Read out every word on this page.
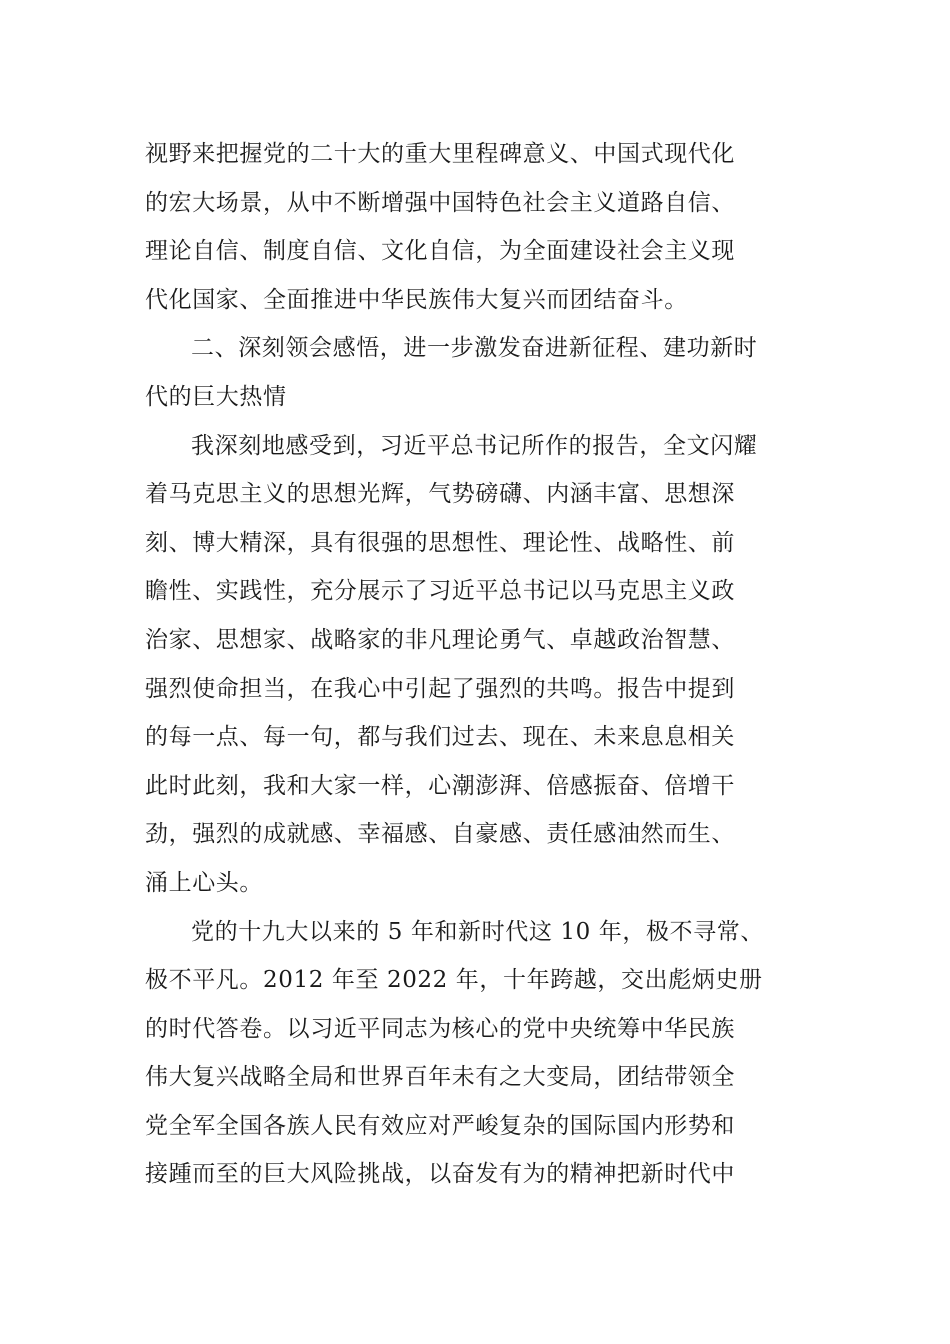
视野来把握党的二十大的重大里程碑意义、中国式现代化
的宏大场景，从中不断增强中国特色社会主义道路自信、
理论自信、制度自信、文化自信，为全面建设社会主义现
代化国家、全面推进中华民族伟大复兴而团结奋斗。
二、深刻领会感悟，进一步激发奋进新征程、建功新时
代的巨大热情
我深刻地感受到，习近平总书记所作的报告，全文闪耀
着马克思主义的思想光辉，气势磅礴、内涵丰富、思想深
刻、博大精深，具有很强的思想性、理论性、战略性、前
瞻性、实践性，充分展示了习近平总书记以马克思主义政
治家、思想家、战略家的非凡理论勇气、卓越政治智慧、
强烈使命担当，在我心中引起了强烈的共鸣。报告中提到
的每一点、每一句，都与我们过去、现在、未来息息相关
此时此刻，我和大家一样，心潮澎湃、倍感振奋、倍增干
劲，强烈的成就感、幸福感、自豪感、责任感油然而生、
涌上心头。
党的十九大以来的 5 年和新时代这 10 年，极不寻常、
极不平凡。2012 年至 2022 年，十年跨越，交出彪炳史册
的时代答卷。以习近平同志为核心的党中央统筹中华民族
伟大复兴战略全局和世界百年未有之大变局，团结带领全
党全军全国各族人民有效应对严峻复杂的国际国内形势和
接踵而至的巨大风险挑战，以奋发有为的精神把新时代中
